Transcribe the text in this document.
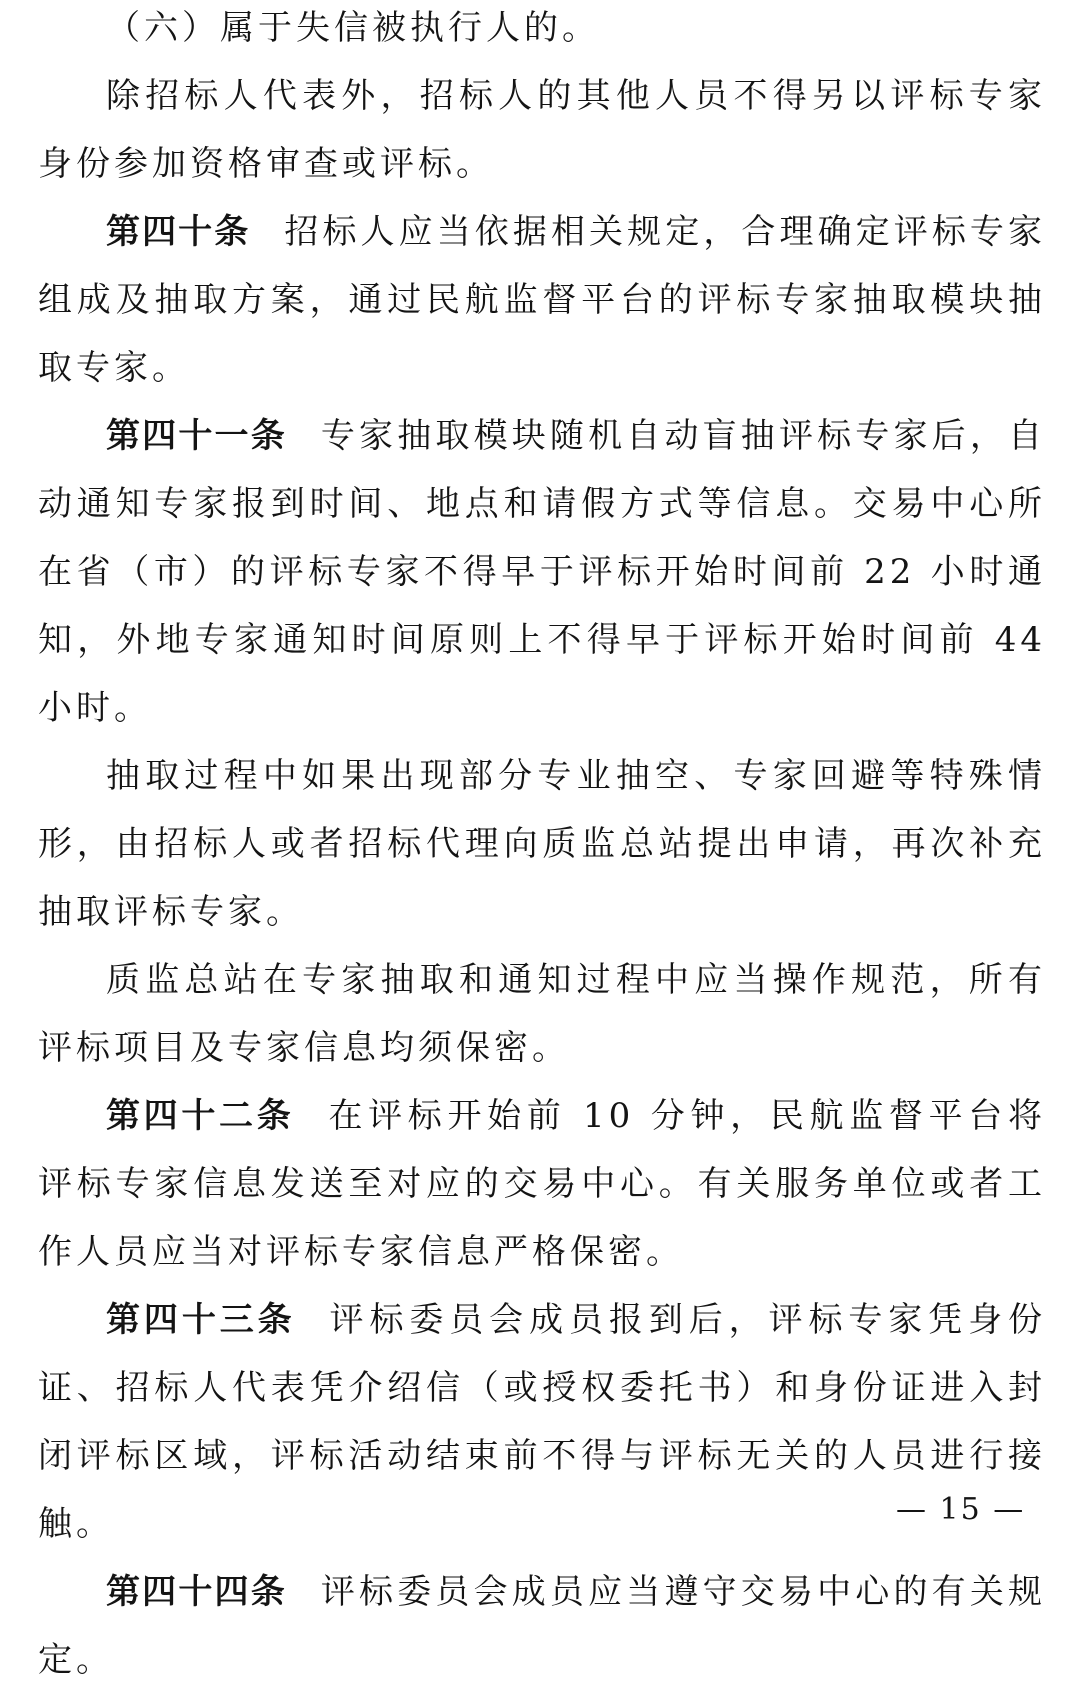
（六）属于失信被执行人的。

除招标人代表外，招标人的其他人员不得另以评标专家身份参加资格审查或评标。

第四十条 招标人应当依据相关规定，合理确定评标专家组成及抽取方案，通过民航监督平台的评标专家抽取模块抽取专家。

第四十一条 专家抽取模块随机自动盲抽评标专家后，自动通知专家报到时间、地点和请假方式等信息。交易中心所在省（市）的评标专家不得早于评标开始时间前 22 小时通知，外地专家通知时间原则上不得早于评标开始时间前 44 小时。

抽取过程中如果出现部分专业抽空、专家回避等特殊情形，由招标人或者招标代理向质监总站提出申请，再次补充抽取评标专家。

质监总站在专家抽取和通知过程中应当操作规范，所有评标项目及专家信息均须保密。

第四十二条 在评标开始前 10 分钟，民航监督平台将评标专家信息发送至对应的交易中心。有关服务单位或者工作人员应当对评标专家信息严格保密。

第四十三条 评标委员会成员报到后，评标专家凭身份证、招标人代表凭介绍信（或授权委托书）和身份证进入封闭评标区域，评标活动结束前不得与评标无关的人员进行接触。

第四十四条 评标委员会成员应当遵守交易中心的有关规定。

— 15 —
